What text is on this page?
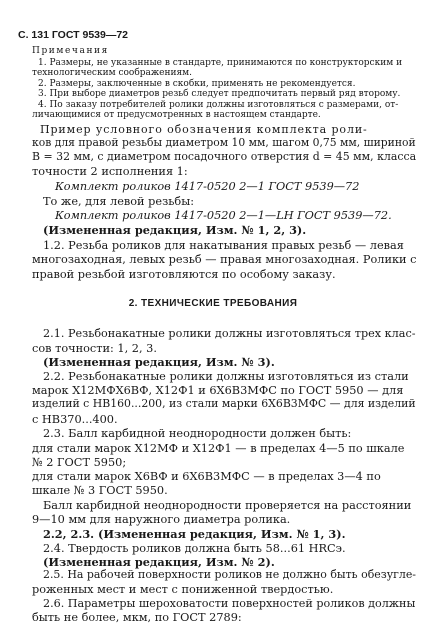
С. 131 ГОСТ 9539—72
Примечания
1. Размеры, не указанные в стандарте, принимаются по конструкторским и
технологическим соображениям.
2. Размеры, заключенные в скобки, применять не рекомендуется.
3. При выборе диаметров резьб следует предпочитать первый ряд второму.
4. По заказу потребителей ролики должны изготовляться с размерами, от-
личающимися от предусмотренных в настоящем стандарте.
Пример условного обозначения комплекта роли-
ков для правой резьбы диаметром 10 мм, шагом 0,75 мм, шириной
B = 32 мм, с диаметром посадочного отверстия d = 45 мм, класса
точности 2 исполнения 1:
Комплект роликов 1417-0520 2—1 ГОСТ 9539—72
То же, для левой резьбы:
Комплект роликов 1417-0520 2—1—LH ГОСТ 9539—72.
(Измененная редакция, Изм. № 1, 2, 3).
1.2. Резьба роликов для накатывания правых резьб — левая
многозаходная, левых резьб — правая многозаходная. Ролики с
правой резьбой изготовляются по особому заказу.
2. ТЕХНИЧЕСКИЕ ТРЕБОВАНИЯ
2.1. Резьбонакатные ролики должны изготовляться трех клас-
сов точности: 1, 2, 3.
(Измененная редакция, Изм. № 3).
2.2. Резьбонакатные ролики должны изготовляться из стали
марок Х12МФХ6ВФ, Х12Ф1 и 6Х6В3МФС по ГОСТ 5950 — для
изделий с НВ160...200, из стали марки 6Х6В3МФС — для изделий
с НВ370...400.
2.3. Балл карбидной неоднородности должен быть:
для стали марок Х12МФ и Х12Ф1 — в пределах 4—5 по шкале
№ 2 ГОСТ 5950;
для стали марок Х6ВФ и 6Х6В3МФС — в пределах 3—4 по
шкале № 3 ГОСТ 5950.
Балл карбидной неоднородности проверяется на расстоянии
9—10 мм для наружного диаметра ролика.
2.2, 2.3. (Измененная редакция, Изм. № 1, 3).
2.4. Твердость роликов должна быть 58...61 HRCэ.
(Измененная редакция, Изм. № 2).
2.5. На рабочей поверхности роликов не должно быть обезугле-
роженных мест и мест с пониженной твердостью.
2.6. Параметры шероховатости поверхностей роликов должны
быть не более, мкм, по ГОСТ 2789:
